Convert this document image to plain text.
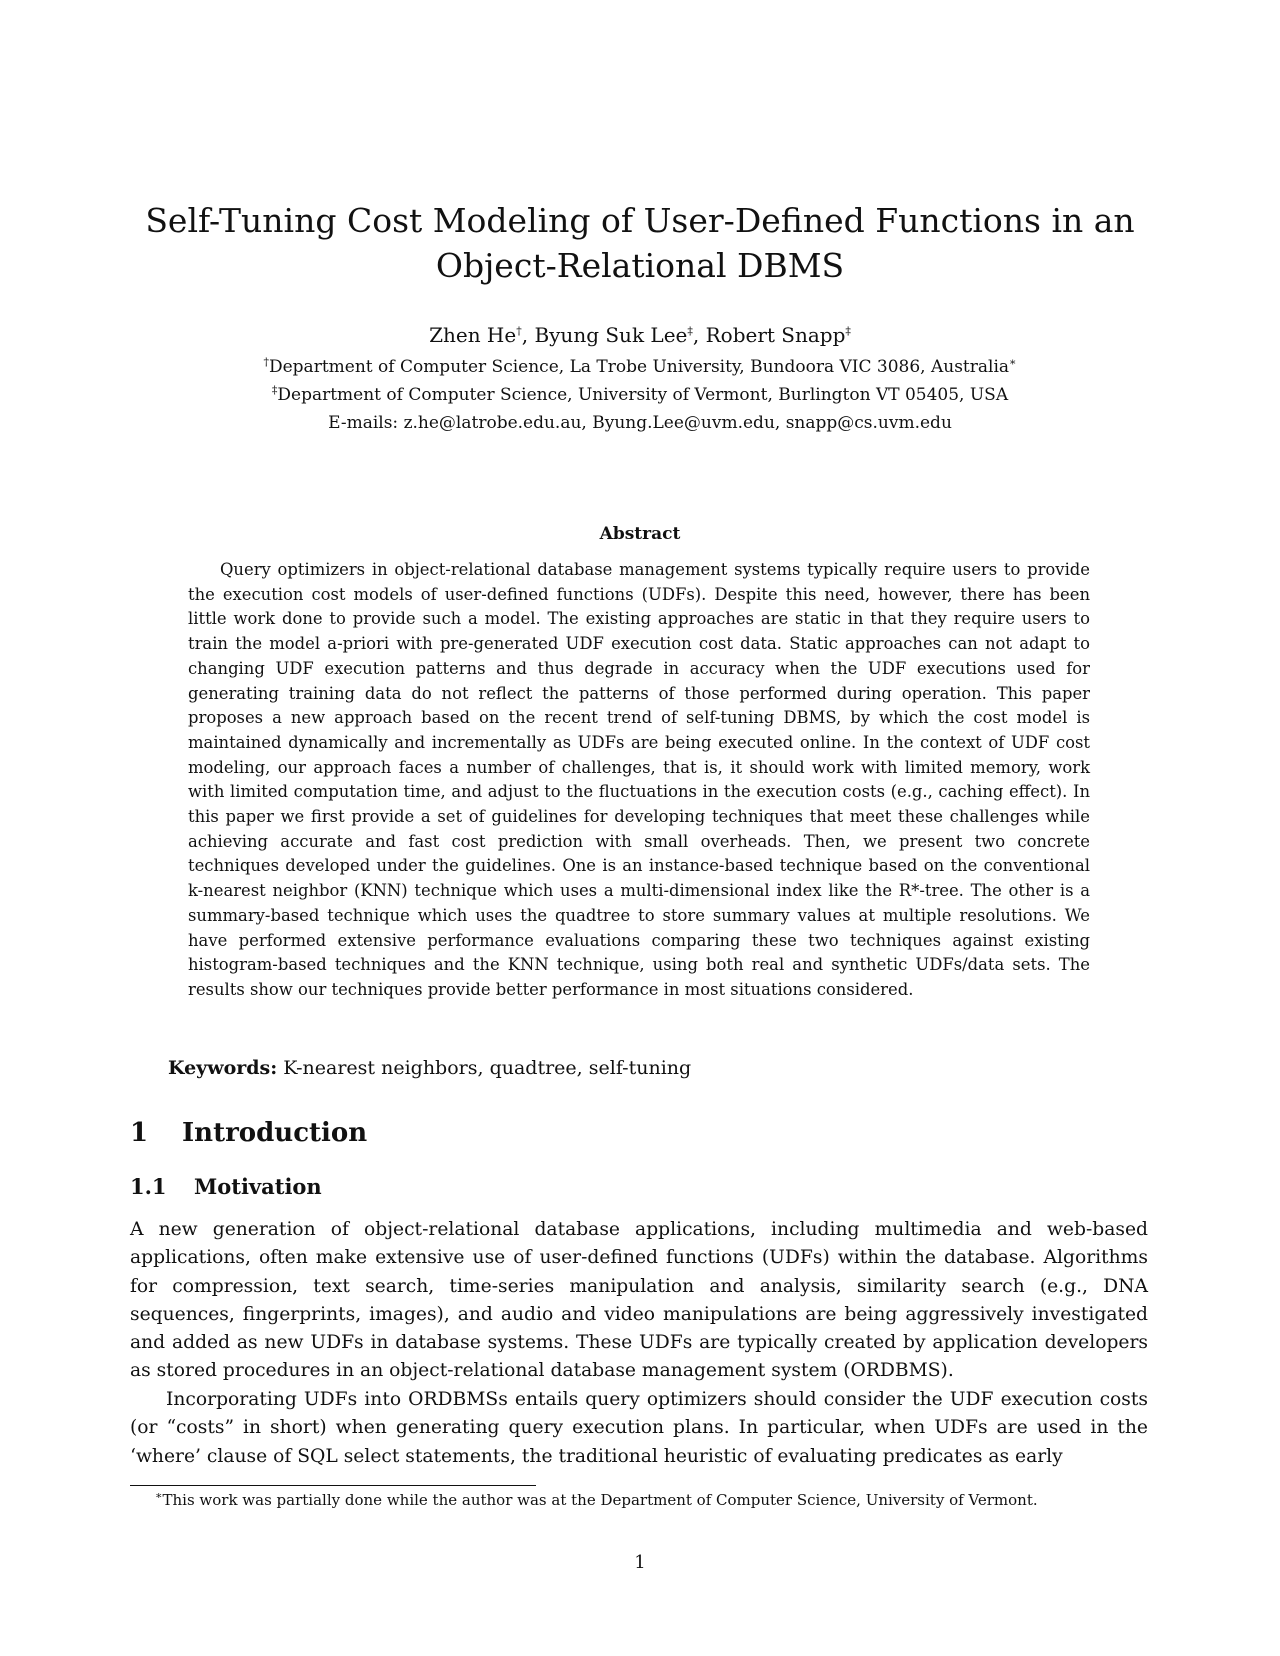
Self-Tuning Cost Modeling of User-Defined Functions in an
Object-Relational DBMS

Zhen He†, Byung Suk Lee‡, Robert Snapp‡

†Department of Computer Science, La Trobe University, Bundoora VIC 3086, Australia∗

‡Department of Computer Science, University of Vermont, Burlington VT 05405, USA

E-mails: z.he@latrobe.edu.au, Byung.Lee@uvm.edu, snapp@cs.uvm.edu

Abstract

Query optimizers in object-relational database management systems typically require users to provide the execution cost models of user-defined functions (UDFs). Despite this need, however, there has been little work done to provide such a model. The existing approaches are static in that they require users to train the model a-priori with pre-generated UDF execution cost data. Static approaches can not adapt to changing UDF execution patterns and thus degrade in accuracy when the UDF executions used for generating training data do not reflect the patterns of those performed during operation. This paper proposes a new approach based on the recent trend of self-tuning DBMS, by which the cost model is maintained dynamically and incrementally as UDFs are being executed online. In the context of UDF cost modeling, our approach faces a number of challenges, that is, it should work with limited memory, work with limited computation time, and adjust to the fluctuations in the execution costs (e.g., caching effect). In this paper we first provide a set of guidelines for developing techniques that meet these challenges while achieving accurate and fast cost prediction with small overheads. Then, we present two concrete techniques developed under the guidelines. One is an instance-based technique based on the conventional k-nearest neighbor (KNN) technique which uses a multi-dimensional index like the R*-tree. The other is a summary-based technique which uses the quadtree to store summary values at multiple resolutions. We have performed extensive performance evaluations comparing these two techniques against existing histogram-based techniques and the KNN technique, using both real and synthetic UDFs/data sets. The results show our techniques provide better performance in most situations considered.

Keywords: K-nearest neighbors, quadtree, self-tuning

1 Introduction
1.1 Motivation

A new generation of object-relational database applications, including multimedia and web-based applications, often make extensive use of user-defined functions (UDFs) within the database. Algorithms for compression, text search, time-series manipulation and analysis, similarity search (e.g., DNA sequences, fingerprints, images), and audio and video manipulations are being aggressively investigated and added as new UDFs in database systems. These UDFs are typically created by application developers as stored procedures in an object-relational database management system (ORDBMS).

Incorporating UDFs into ORDBMSs entails query optimizers should consider the UDF execution costs (or “costs” in short) when generating query execution plans. In particular, when UDFs are used in the ‘where’ clause of SQL select statements, the traditional heuristic of evaluating predicates as early

∗This work was partially done while the author was at the Department of Computer Science, University of Vermont.

1
